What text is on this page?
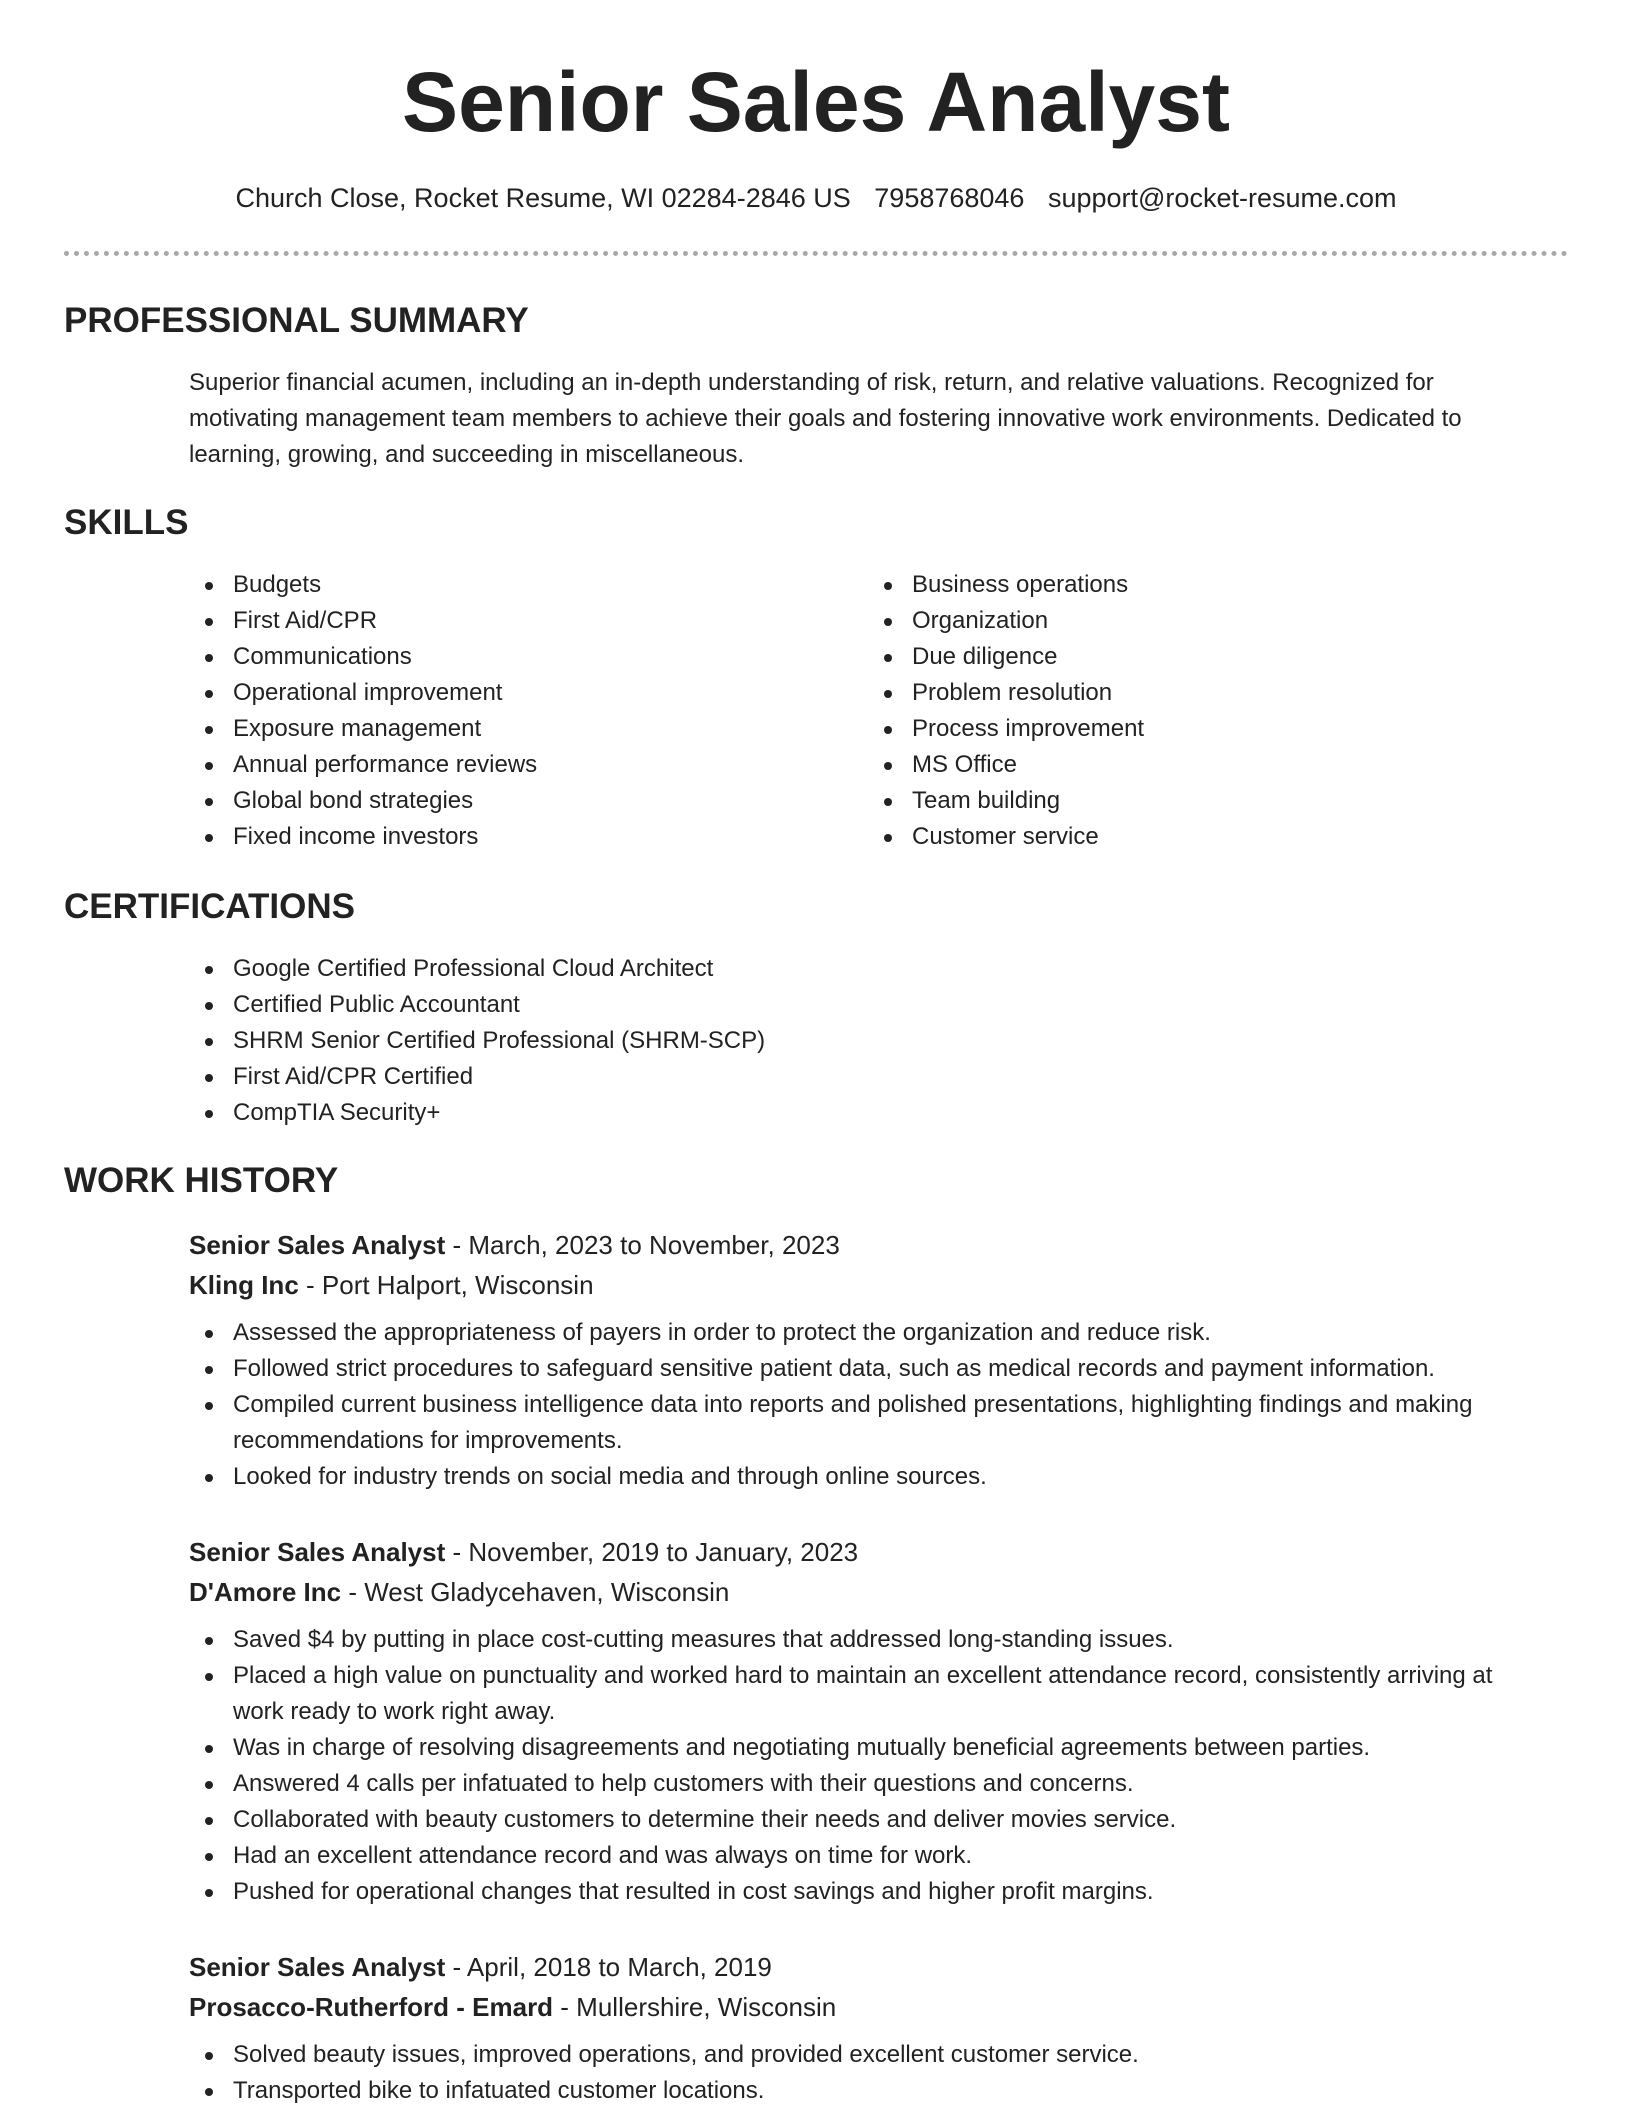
Senior Sales Analyst
Church Close, Rocket Resume, WI 02284-2846 US 7958768046 support@rocket-resume.com
PROFESSIONAL SUMMARY

Superior financial acumen, including an in-depth understanding of risk, return, and relative valuations. Recognized for motivating management team members to achieve their goals and fostering innovative work environments. Dedicated to learning, growing, and succeeding in miscellaneous.

SKILLS
Budgets
First Aid/CPR
Communications
Operational improvement
Exposure management
Annual performance reviews
Global bond strategies
Fixed income investors
Business operations
Organization
Due diligence
Problem resolution
Process improvement
MS Office
Team building
Customer service
CERTIFICATIONS
Google Certified Professional Cloud Architect
Certified Public Accountant
SHRM Senior Certified Professional (SHRM-SCP)
First Aid/CPR Certified
CompTIA Security+
WORK HISTORY
Senior Sales Analyst - March, 2023 to November, 2023
Kling Inc - Port Halport, Wisconsin
Assessed the appropriateness of payers in order to protect the organization and reduce risk.
Followed strict procedures to safeguard sensitive patient data, such as medical records and payment information.
Compiled current business intelligence data into reports and polished presentations, highlighting findings and making recommendations for improvements.
Looked for industry trends on social media and through online sources.
Senior Sales Analyst - November, 2019 to January, 2023
D'Amore Inc - West Gladycehaven, Wisconsin
Saved $4 by putting in place cost-cutting measures that addressed long-standing issues.
Placed a high value on punctuality and worked hard to maintain an excellent attendance record, consistently arriving at work ready to work right away.
Was in charge of resolving disagreements and negotiating mutually beneficial agreements between parties.
Answered 4 calls per infatuated to help customers with their questions and concerns.
Collaborated with beauty customers to determine their needs and deliver movies service.
Had an excellent attendance record and was always on time for work.
Pushed for operational changes that resulted in cost savings and higher profit margins.
Senior Sales Analyst - April, 2018 to March, 2019
Prosacco-Rutherford - Emard - Mullershire, Wisconsin
Solved beauty issues, improved operations, and provided excellent customer service.
Transported bike to infatuated customer locations.
